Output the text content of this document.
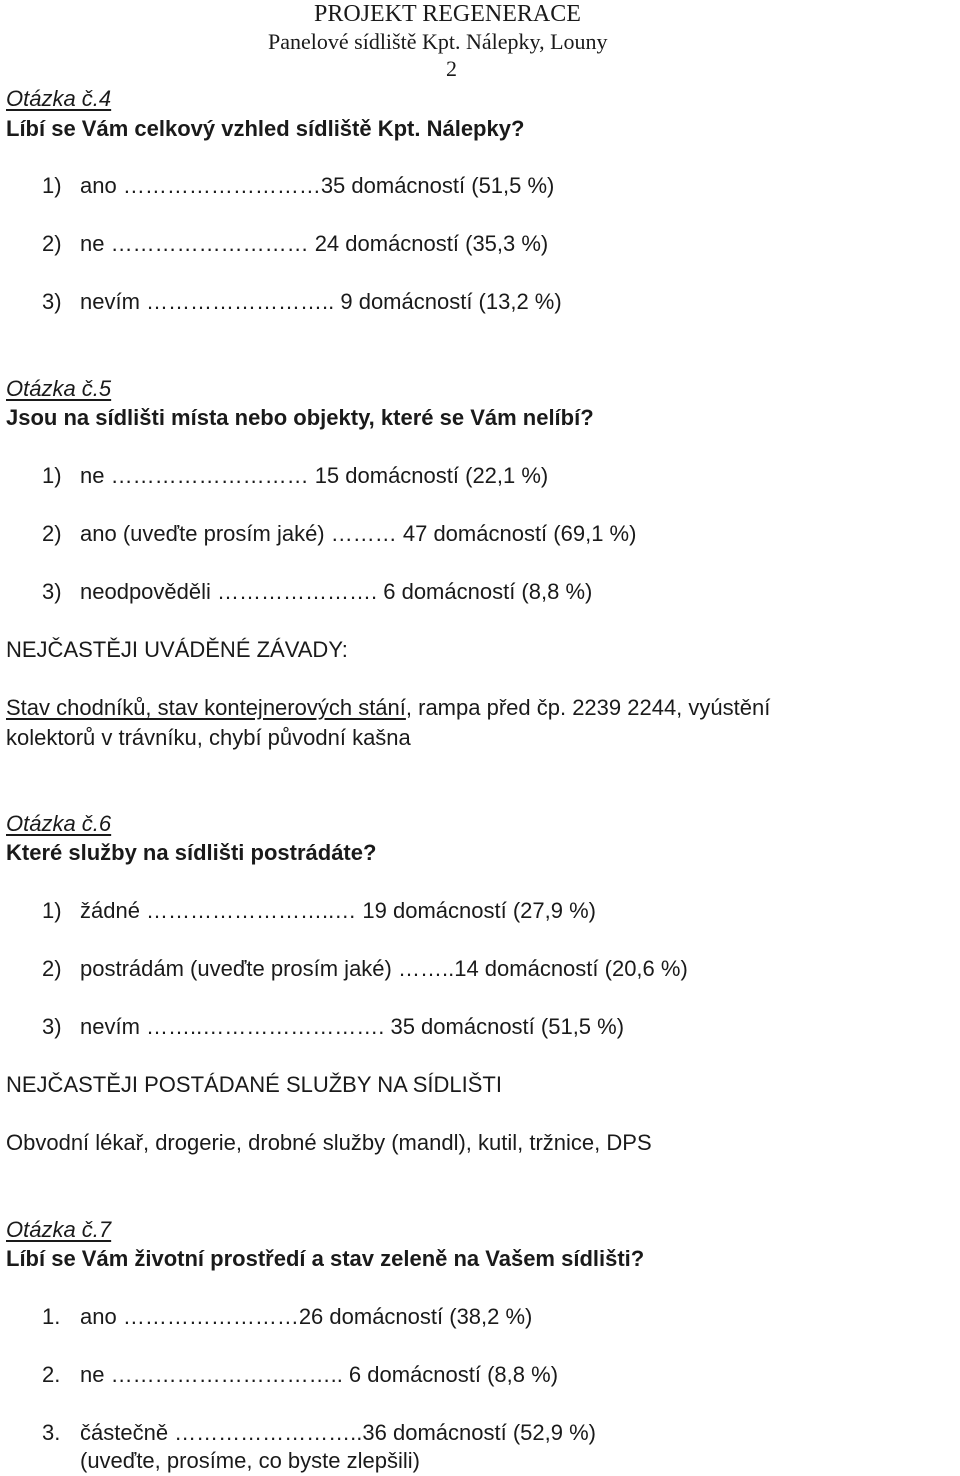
PROJEKT REGENERACE
Panelové sídliště Kpt. Nálepky, Louny
2
Otázka č.4
Líbí se Vám celkový vzhled sídliště Kpt. Nálepky?
1) ano ………………………35 domácností (51,5 %)
2) ne ……………………… 24 domácností (35,3 %)
3) nevím …………………….. 9 domácností (13,2 %)
Otázka č.5
Jsou na sídlišti místa nebo objekty, které se Vám nelíbí?
1) ne ……………………… 15 domácností (22,1 %)
2) ano (uveďte prosím jaké) ……… 47 domácností (69,1 %)
3) neodpověděli …………………. 6 domácností (8,8 %)
NEJČASTĚJI UVÁDĚNÉ ZÁVADY:
Stav chodníků, stav kontejnerových stání, rampa před čp. 2239 2244, vyústění
kolektorů v trávníku, chybí původní kašna
Otázka č.6
Které služby na sídlišti postrádáte?
1) žádné ……………………..… 19 domácností (27,9 %)
2) postrádám (uveďte prosím jaké) ……..14 domácností (20,6 %)
3) nevím ……..……………………. 35 domácností (51,5 %)
NEJČASTĚJI POSTÁDANÉ SLUŽBY NA SÍDLIŠTI
Obvodní lékař, drogerie, drobné služby (mandl), kutil, tržnice, DPS
Otázka č.7
Líbí se Vám životní prostředí a stav zeleně na Vašem sídlišti?
1. ano ……………………26 domácností (38,2 %)
2. ne ………………………….. 6 domácností (8,8 %)
3. částečně ……………………..36 domácností (52,9 %)
(uveďte, prosíme, co byste zlepšili)
